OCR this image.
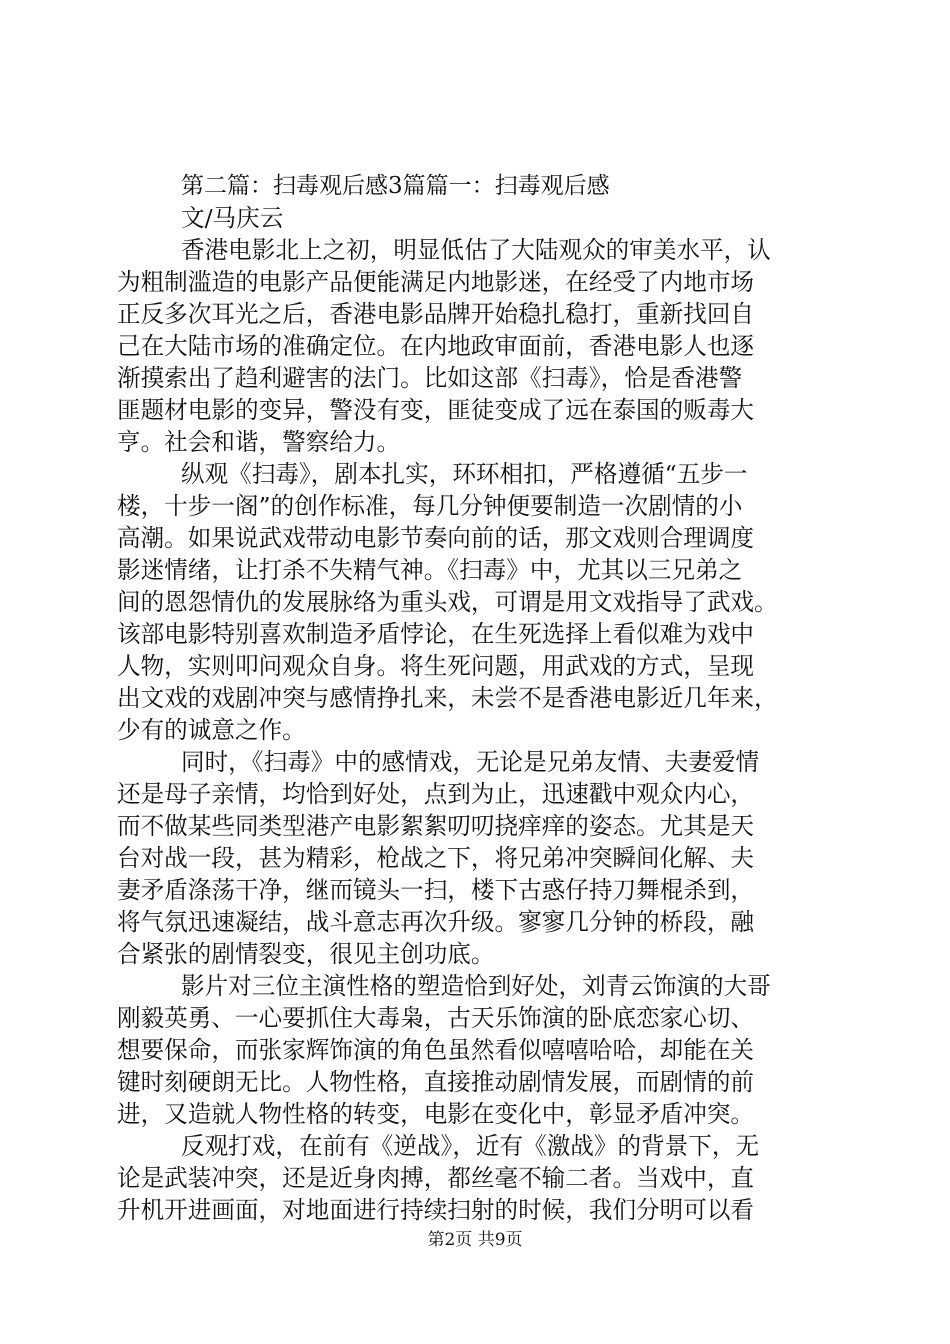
第二篇：扫毒观后感3篇篇一：扫毒观后感
文/马庆云
香港电影北上之初，明显低估了大陆观众的审美水平，认
为粗制滥造的电影产品便能满足内地影迷，在经受了内地市场
正反多次耳光之后，香港电影品牌开始稳扎稳打，重新找回自
己在大陆市场的准确定位。在内地政审面前，香港电影人也逐
渐摸索出了趋利避害的法门。比如这部《扫毒》，恰是香港警
匪题材电影的变异，警没有变，匪徒变成了远在泰国的贩毒大
亨。社会和谐，警察给力。
纵观《扫毒》，剧本扎实，环环相扣，严格遵循“五步一
楼，十步一阁”的创作标准，每几分钟便要制造一次剧情的小
高潮。如果说武戏带动电影节奏向前的话，那文戏则合理调度
影迷情绪，让打杀不失精气神。《扫毒》中，尤其以三兄弟之
间的恩怨情仇的发展脉络为重头戏，可谓是用文戏指导了武戏。
该部电影特别喜欢制造矛盾悖论，在生死选择上看似难为戏中
人物，实则叩问观众自身。将生死问题，用武戏的方式，呈现
出文戏的戏剧冲突与感情挣扎来，未尝不是香港电影近几年来，
少有的诚意之作。
同时，《扫毒》中的感情戏，无论是兄弟友情、夫妻爱情
还是母子亲情，均恰到好处，点到为止，迅速戳中观众内心，
而不做某些同类型港产电影絮絮叨叨挠痒痒的姿态。尤其是天
台对战一段，甚为精彩，枪战之下，将兄弟冲突瞬间化解、夫
妻矛盾涤荡干净，继而镜头一扫，楼下古惑仔持刀舞棍杀到，
将气氛迅速凝结，战斗意志再次升级。寥寥几分钟的桥段，融
合紧张的剧情裂变，很见主创功底。
影片对三位主演性格的塑造恰到好处，刘青云饰演的大哥
刚毅英勇、一心要抓住大毒枭，古天乐饰演的卧底恋家心切、
想要保命，而张家辉饰演的角色虽然看似嘻嘻哈哈，却能在关
键时刻硬朗无比。人物性格，直接推动剧情发展，而剧情的前
进，又造就人物性格的转变，电影在变化中，彰显矛盾冲突。
反观打戏，在前有《逆战》，近有《激战》的背景下，无
论是武装冲突，还是近身肉搏，都丝毫不输二者。当戏中，直
升机开进画面，对地面进行持续扫射的时候，我们分明可以看
第2页 共9页
